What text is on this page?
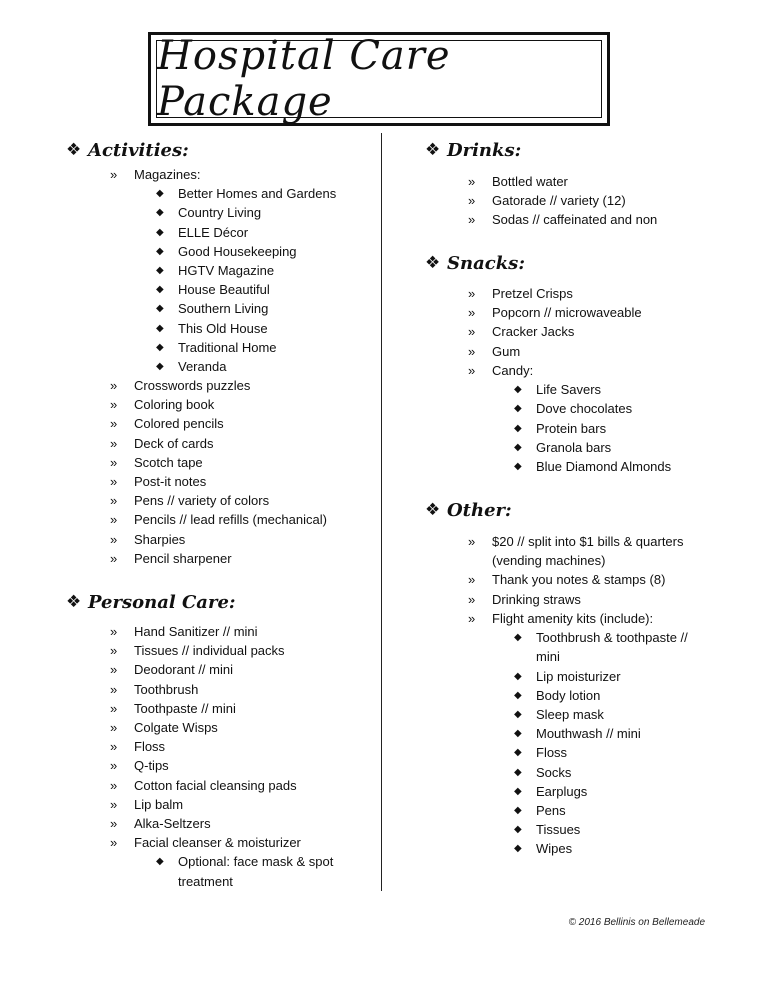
Hospital Care Package
❖ Activities:
»	Magazines:
◆	Better Homes and Gardens
◆	Country Living
◆	ELLE Décor
◆	Good Housekeeping
◆	HGTV Magazine
◆	House Beautiful
◆	Southern Living
◆	This Old House
◆	Traditional Home
◆	Veranda
»	Crosswords puzzles
»	Coloring book
»	Colored pencils
»	Deck of cards
»	Scotch tape
»	Post-it notes
»	Pens // variety of colors
»	Pencils // lead refills (mechanical)
»	Sharpies
»	Pencil sharpener
❖ Personal Care:
»	Hand Sanitizer // mini
»	Tissues // individual packs
»	Deodorant // mini
»	Toothbrush
»	Toothpaste // mini
»	Colgate Wisps
»	Floss
»	Q-tips
»	Cotton facial cleansing pads
»	Lip balm
»	Alka-Seltzers
»	Facial cleanser & moisturizer
◆	Optional: face mask & spot treatment
❖ Drinks:
»	Bottled water
»	Gatorade // variety (12)
»	Sodas // caffeinated and non
❖ Snacks:
»	Pretzel Crisps
»	Popcorn // microwaveable
»	Cracker Jacks
»	Gum
»	Candy:
◆	Life Savers
◆	Dove chocolates
◆	Protein bars
◆	Granola bars
◆	Blue Diamond Almonds
❖ Other:
»	$20 // split into $1 bills & quarters (vending machines)
»	Thank you notes & stamps (8)
»	Drinking straws
»	Flight amenity kits (include):
◆	Toothbrush & toothpaste // mini
◆	Lip moisturizer
◆	Body lotion
◆	Sleep mask
◆	Mouthwash // mini
◆	Floss
◆	Socks
◆	Earplugs
◆	Pens
◆	Tissues
◆	Wipes
© 2016 Bellinis on Bellemeade
